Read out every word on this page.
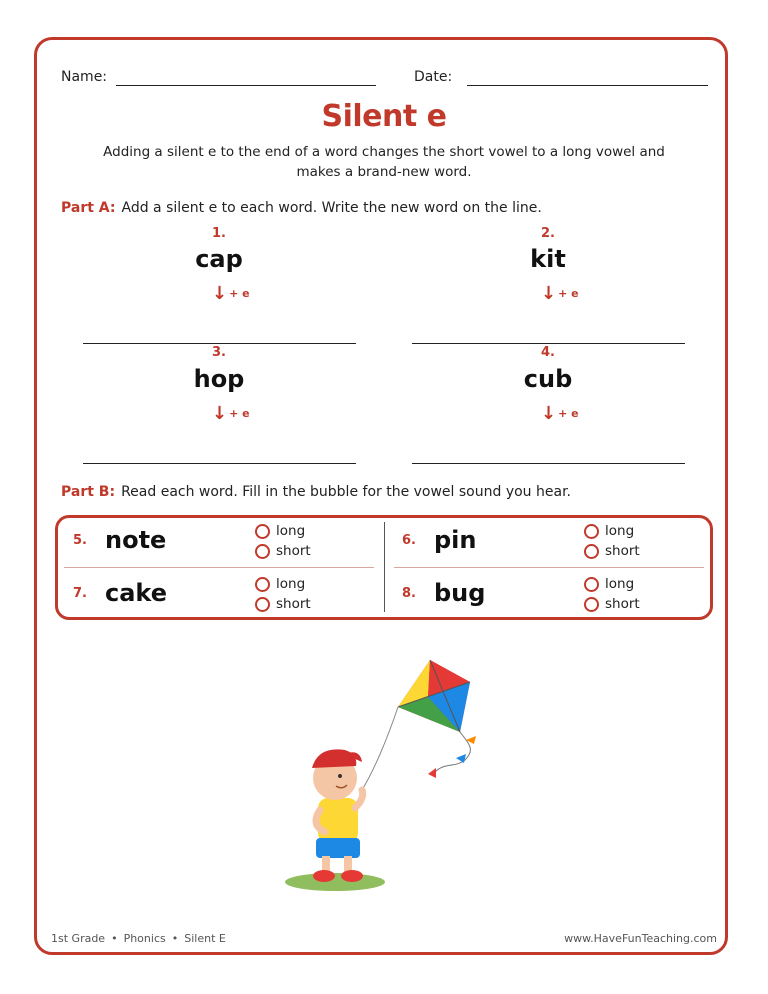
Name:	Date:
Silent e
Adding a silent e to the end of a word changes the short vowel to a long vowel and makes a brand-new word.
Part A: Add a silent e to each word. Write the new word on the line.
1.
cap
↓ + e
2.
kit
↓ + e
3.
hop
↓ + e
4.
cub
↓ + e
Part B: Read each word. Fill in the bubble for the vowel sound you hear.
5. note	long
short
6. pin	long
short
7. cake	long
short
8. bug	long
short
1st Grade • Phonics • Silent E	www.HaveFunTeaching.com
